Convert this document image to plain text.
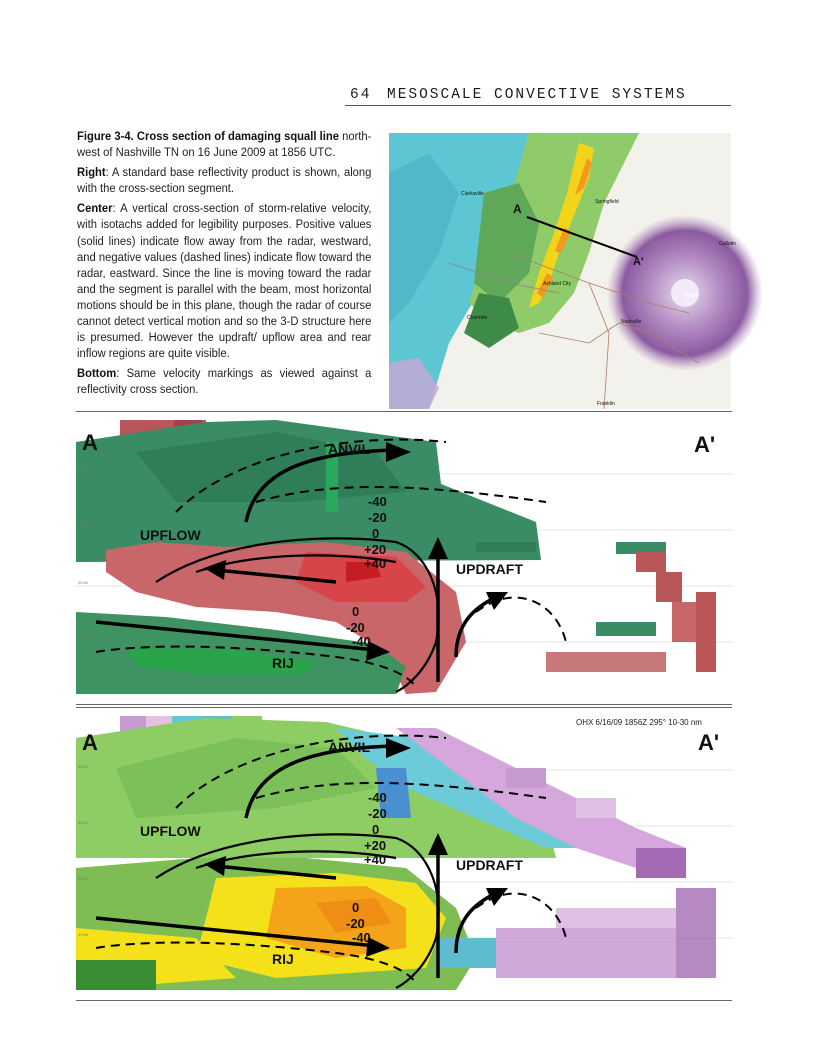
64 MESOSCALE CONVECTIVE SYSTEMS

Figure 3-4. Cross section of damaging squall line north-west of Nashville TN on 16 June 2009 at 1856 UTC.

Right: A standard base reflectivity product is shown, along with the cross-section segment.

Center: A vertical cross-section of storm-relative velocity, with isotachs added for legibility purposes. Positive values (solid lines) indicate flow away from the radar, westward, and negative values (dashed lines) indicate flow toward the radar, eastward. Since the line is moving toward the radar and the segment is parallel with the beam, most horizontal motions should be in this plane, though the radar of course cannot detect vertical motion and so the 3-D structure here is presumed. However the updraft/ upflow area and rear inflow regions are quite visible.

Bottom: Same velocity markings as viewed against a reflectivity cross section.

A
A'
KOHX
Clarksville
Springfield
Ashland City
Charlotte
Nashville
Franklin
Gallatin
A	A'
ANVIL
UPFLOW
UPDRAFT
RIJ
-40
-20
0
+20
+40
0
-20
-40
40 kft
30 kft
20 kft
10 kft
OHX 6/16/09 1856Z 295° 10-30 nm
A	A'
ANVIL
UPFLOW
UPDRAFT
RIJ
-40
-20
0
+20
+40
0
-20
-40
40 kft
30 kft
20 kft
10 kft
